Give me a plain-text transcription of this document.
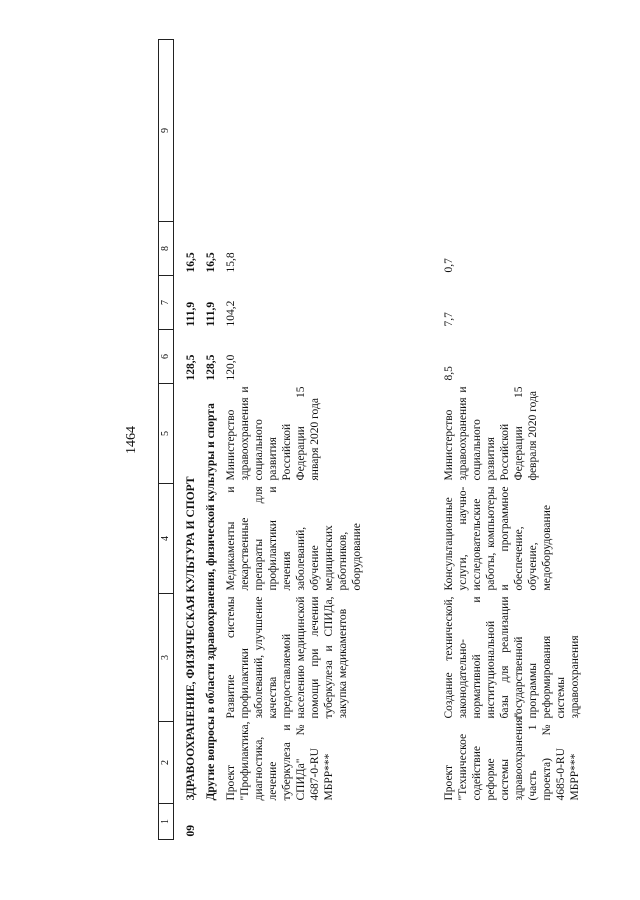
1464
1	2	3	4	5	6	7	8	9
09	ЗДРАВООХРАНЕНИЕ, ФИЗИЧЕСКАЯ КУЛЬТУРА И СПОРТ				128,5	111,9	16,5	
	Другие вопросы в области здравоохранения, физической культуры и спорта				128,5	111,9	16,5	
	Проект "Профилактика, диагностика, лечение туберкулеза и СПИДа" № 4687-0-RU МБРР***	Развитие системы профилактики заболеваний, улучшение качества предоставляемой населению медицинской помощи при лечении туберкулеза и СПИДа, закупка медикаментов	Медикаменты и лекарственные препараты для профилактики и лечения заболеваний, обучение медицинских работников, оборудование	Министерство здравоохранения и социального развития Российской Федерации 15 января 2020 года	120,0	104,2	15,8	
	Проект "Техническое содействие реформе системы здравоохранения" (часть 1 проекта) № 4685-0-RU МБРР***	Создание технической, законодательно-нормативной и институциональной базы для реализации государственной программы реформирования системы здравоохранения	Консультационные услуги, научно-исследовательские работы, компьютеры и программное обеспечение, обучение, медоборудование	Министерство здравоохранения и социального развития Российской Федерации 15 февраля 2020 года	8,5	7,7	0,7	
